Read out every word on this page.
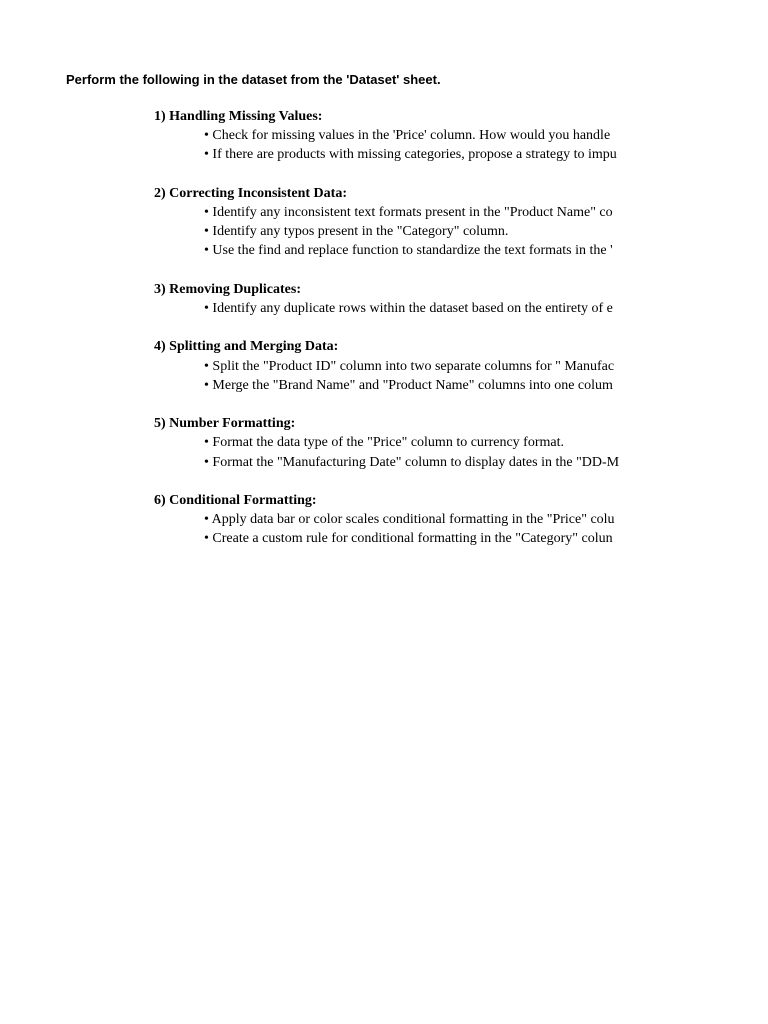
Perform the following in the dataset from the 'Dataset' sheet.
1) Handling Missing Values:
• Check for missing values in the 'Price' column. How would you handle
• If there are products with missing categories, propose a strategy to impu
2) Correcting Inconsistent Data:
• Identify any inconsistent text formats present in the "Product Name" co
• Identify any typos present in the "Category" column.
• Use the find and replace function to standardize the text formats in the '
3) Removing Duplicates:
• Identify any duplicate rows within the dataset based on the entirety of e
4) Splitting and Merging Data:
• Split the "Product ID" column into two separate columns for " Manufac
• Merge the "Brand Name" and "Product Name" columns into one colum
5) Number Formatting:
• Format the data type of the "Price" column to currency format.
• Format the "Manufacturing Date" column to display dates in the "DD-M
6) Conditional Formatting:
• Apply data bar or color scales conditional formatting in the "Price" colu
• Create a custom rule for conditional formatting in the "Category" colun
